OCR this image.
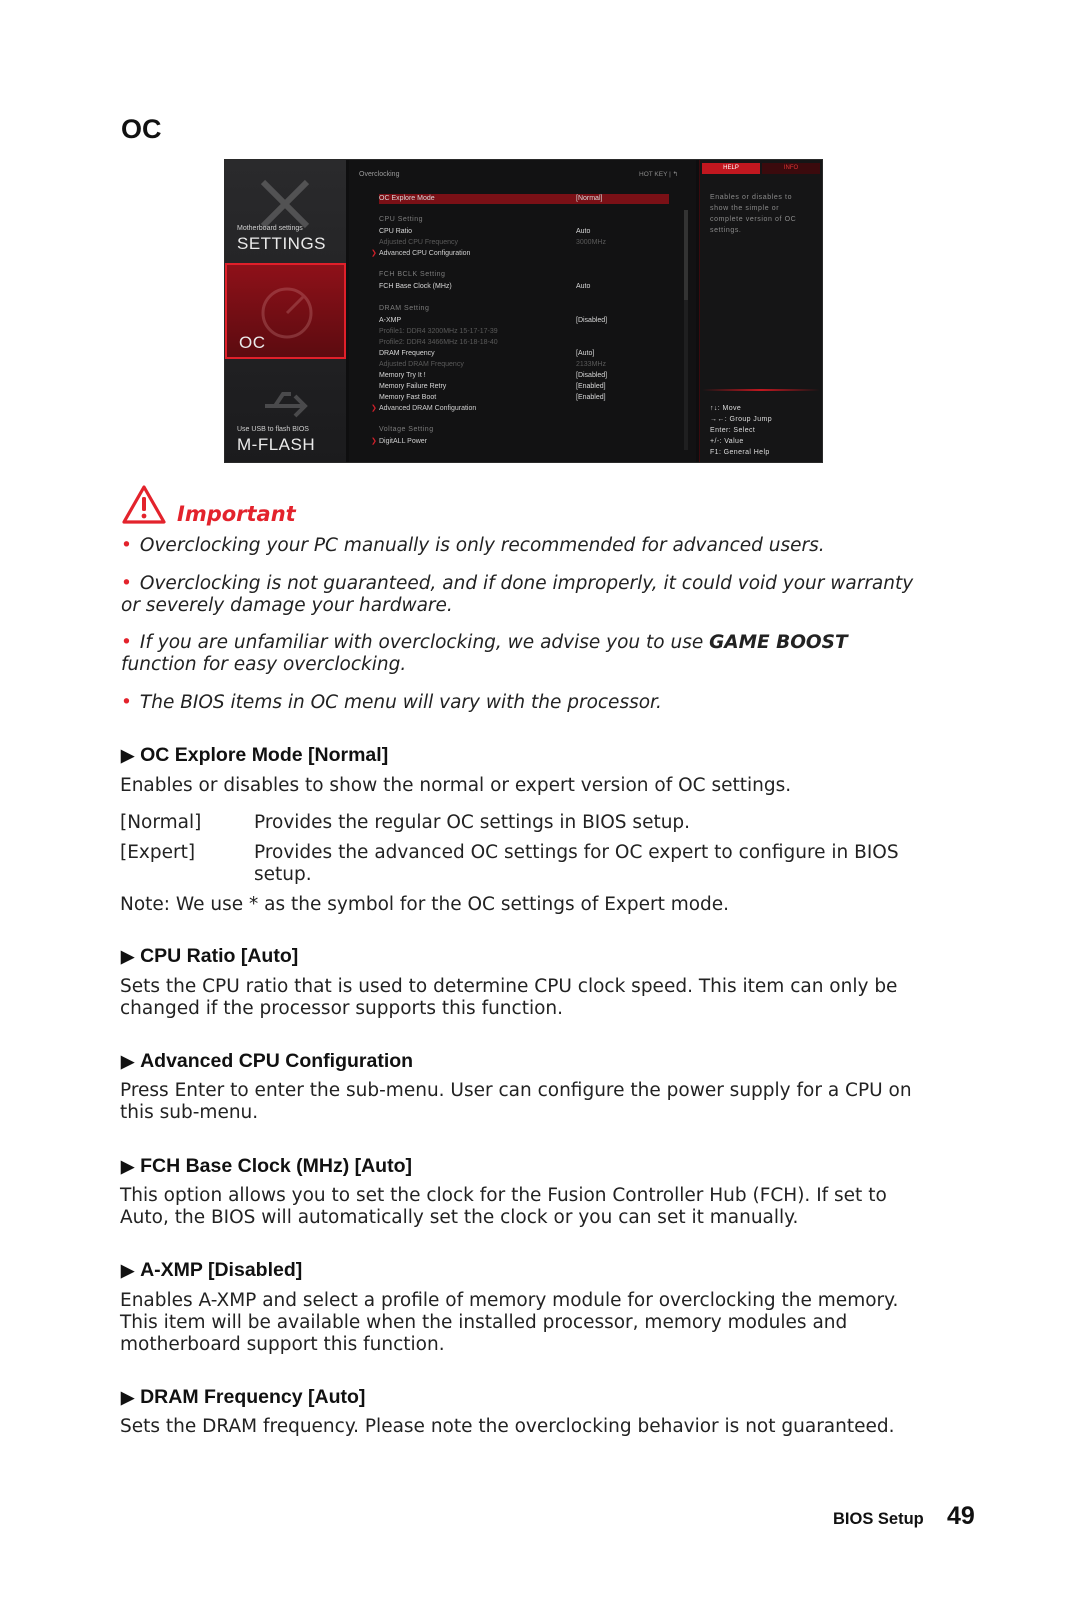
OC
Motherboard settings
SETTINGS
OC
Use USB to flash BIOS
M-FLASH
Overclocking	HOT KEY | ↰
OC Explore Mode	[Normal]
CPU Setting
CPU Ratio	Auto
Adjusted CPU Frequency	3000MHz
❯ Advanced CPU Configuration
FCH BCLK Setting
FCH Base Clock (MHz)	Auto
DRAM Setting
A-XMP	[Disabled]
Profile1: DDR4 3200MHz 15-17-17-39
Profile2: DDR4 3466MHz 16-18-18-40
DRAM Frequency	[Auto]
Adjusted DRAM Frequency	2133MHz
Memory Try It !	[Disabled]
Memory Failure Retry	[Enabled]
Memory Fast Boot	[Enabled]
❯ Advanced DRAM Configuration
Voltage Setting
❯ DigitALL Power
HELP	INFO
Enables or disables to show the simple or complete version of OC settings.
↑↓: Move
→←: Group Jump
Enter: Select
+/-: Value
F1: General Help
Important
• Overclocking your PC manually is only recommended for advanced users.
• Overclocking is not guaranteed, and if done improperly, it could void your warranty or severely damage your hardware.
• If you are unfamiliar with overclocking, we advise you to use GAME BOOST function for easy overclocking.
• The BIOS items in OC menu will vary with the processor.
▶ OC Explore Mode [Normal]

Enables or disables to show the normal or expert version of OC settings.

[Normal]	Provides the regular OC settings in BIOS setup.
[Expert]	Provides the advanced OC settings for OC expert to configure in BIOS setup.

Note: We use * as the symbol for the OC settings of Expert mode.

▶ CPU Ratio [Auto]

Sets the CPU ratio that is used to determine CPU clock speed. This item can only be changed if the processor supports this function.

▶ Advanced CPU Configuration

Press Enter to enter the sub-menu. User can configure the power supply for a CPU on this sub-menu.

▶ FCH Base Clock (MHz) [Auto]

This option allows you to set the clock for the Fusion Controller Hub (FCH). If set to Auto, the BIOS will automatically set the clock or you can set it manually.

▶ A-XMP [Disabled]

Enables A-XMP and select a profile of memory module for overclocking the memory. This item will be available when the installed processor, memory modules and motherboard support this function.

▶ DRAM Frequency [Auto]

Sets the DRAM frequency. Please note the overclocking behavior is not guaranteed.

BIOS Setup 49
